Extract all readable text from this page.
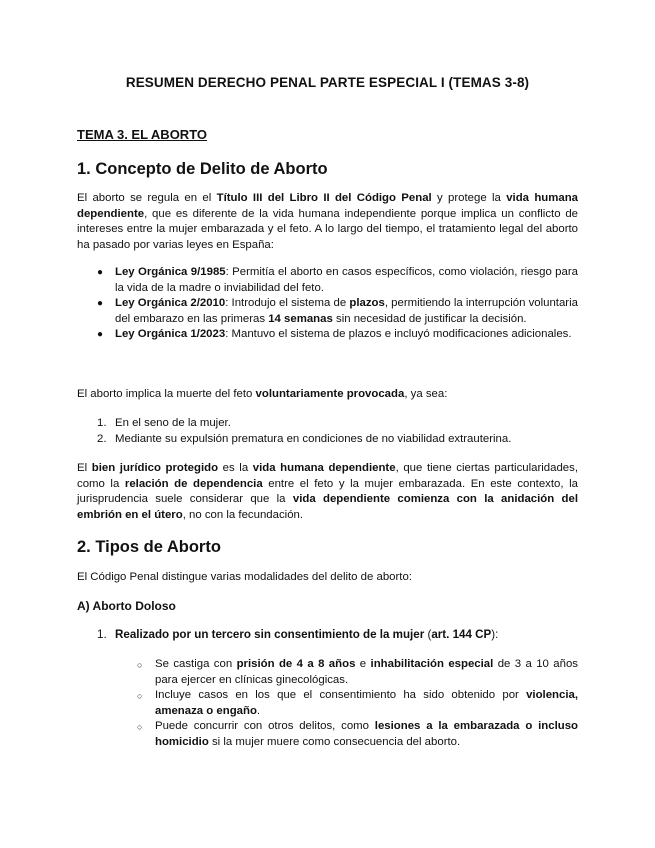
RESUMEN DERECHO PENAL PARTE ESPECIAL I (TEMAS 3-8)
TEMA 3. EL ABORTO
1. Concepto de Delito de Aborto

El aborto se regula en el Título III del Libro II del Código Penal y protege la vida humana dependiente, que es diferente de la vida humana independiente porque implica un conflicto de intereses entre la mujer embarazada y el feto. A lo largo del tiempo, el tratamiento legal del aborto ha pasado por varias leyes en España:

● Ley Orgánica 9/1985: Permitía el aborto en casos específicos, como violación, riesgo para la vida de la madre o inviabilidad del feto.
● Ley Orgánica 2/2010: Introdujo el sistema de plazos, permitiendo la interrupción voluntaria del embarazo en las primeras 14 semanas sin necesidad de justificar la decisión.
● Ley Orgánica 1/2023: Mantuvo el sistema de plazos e incluyó modificaciones adicionales.

El aborto implica la muerte del feto voluntariamente provocada, ya sea:

1. En el seno de la mujer.
2. Mediante su expulsión prematura en condiciones de no viabilidad extrauterina.

El bien jurídico protegido es la vida humana dependiente, que tiene ciertas particularidades, como la relación de dependencia entre el feto y la mujer embarazada. En este contexto, la jurisprudencia suele considerar que la vida dependiente comienza con la anidación del embrión en el útero, no con la fecundación.

2. Tipos de Aborto

El Código Penal distingue varias modalidades del delito de aborto:

A) Aborto Doloso
1. Realizado por un tercero sin consentimiento de la mujer (art. 144 CP):
○ Se castiga con prisión de 4 a 8 años e inhabilitación especial de 3 a 10 años para ejercer en clínicas ginecológicas.
○ Incluye casos en los que el consentimiento ha sido obtenido por violencia, amenaza o engaño.
○ Puede concurrir con otros delitos, como lesiones a la embarazada o incluso homicidio si la mujer muere como consecuencia del aborto.
